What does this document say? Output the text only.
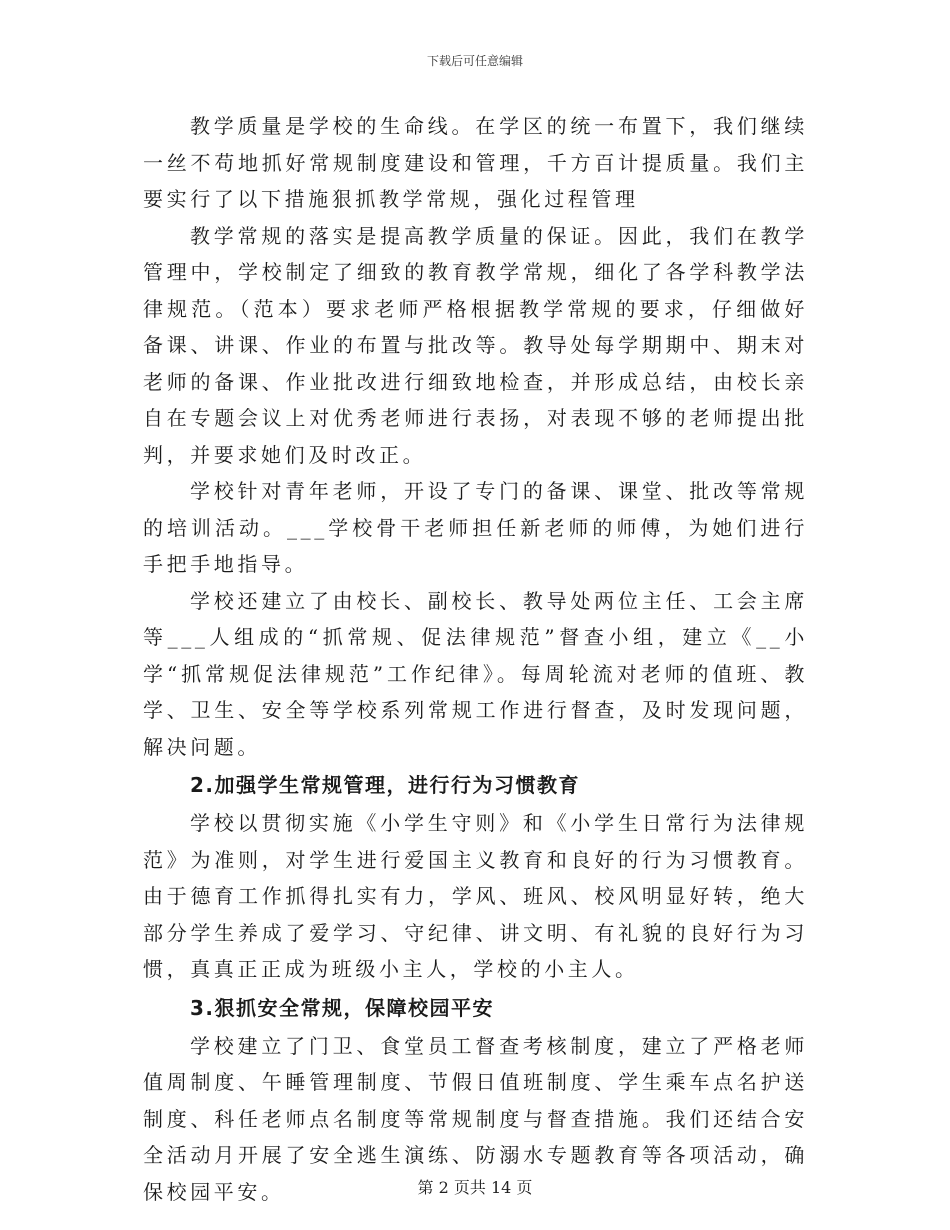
下载后可任意编辑

教学质量是学校的生命线。在学区的统一布置下，我们继续一丝不苟地抓好常规制度建设和管理，千方百计提质量。我们主要实行了以下措施狠抓教学常规，强化过程管理

教学常规的落实是提高教学质量的保证。因此，我们在教学管理中，学校制定了细致的教育教学常规，细化了各学科教学法律规范。（范本）要求老师严格根据教学常规的要求，仔细做好备课、讲课、作业的布置与批改等。教导处每学期期中、期末对老师的备课、作业批改进行细致地检查，并形成总结，由校长亲自在专题会议上对优秀老师进行表扬，对表现不够的老师提出批判，并要求她们及时改正。

学校针对青年老师，开设了专门的备课、课堂、批改等常规的培训活动。___学校骨干老师担任新老师的师傅，为她们进行手把手地指导。

学校还建立了由校长、副校长、教导处两位主任、工会主席等___人组成的“抓常规、促法律规范”督查小组，建立《__小学“抓常规促法律规范”工作纪律》。每周轮流对老师的值班、教学、卫生、安全等学校系列常规工作进行督查，及时发现问题，解决问题。

2.加强学生常规管理，进行行为习惯教育

学校以贯彻实施《小学生守则》和《小学生日常行为法律规范》为准则，对学生进行爱国主义教育和良好的行为习惯教育。由于德育工作抓得扎实有力，学风、班风、校风明显好转，绝大部分学生养成了爱学习、守纪律、讲文明、有礼貌的良好行为习惯，真真正正成为班级小主人，学校的小主人。

3.狠抓安全常规，保障校园平安

学校建立了门卫、食堂员工督查考核制度，建立了严格老师值周制度、午睡管理制度、节假日值班制度、学生乘车点名护送制度、科任老师点名制度等常规制度与督查措施。我们还结合安全活动月开展了安全逃生演练、防溺水专题教育等各项活动，确保校园平安。	第 2 页共 14 页
